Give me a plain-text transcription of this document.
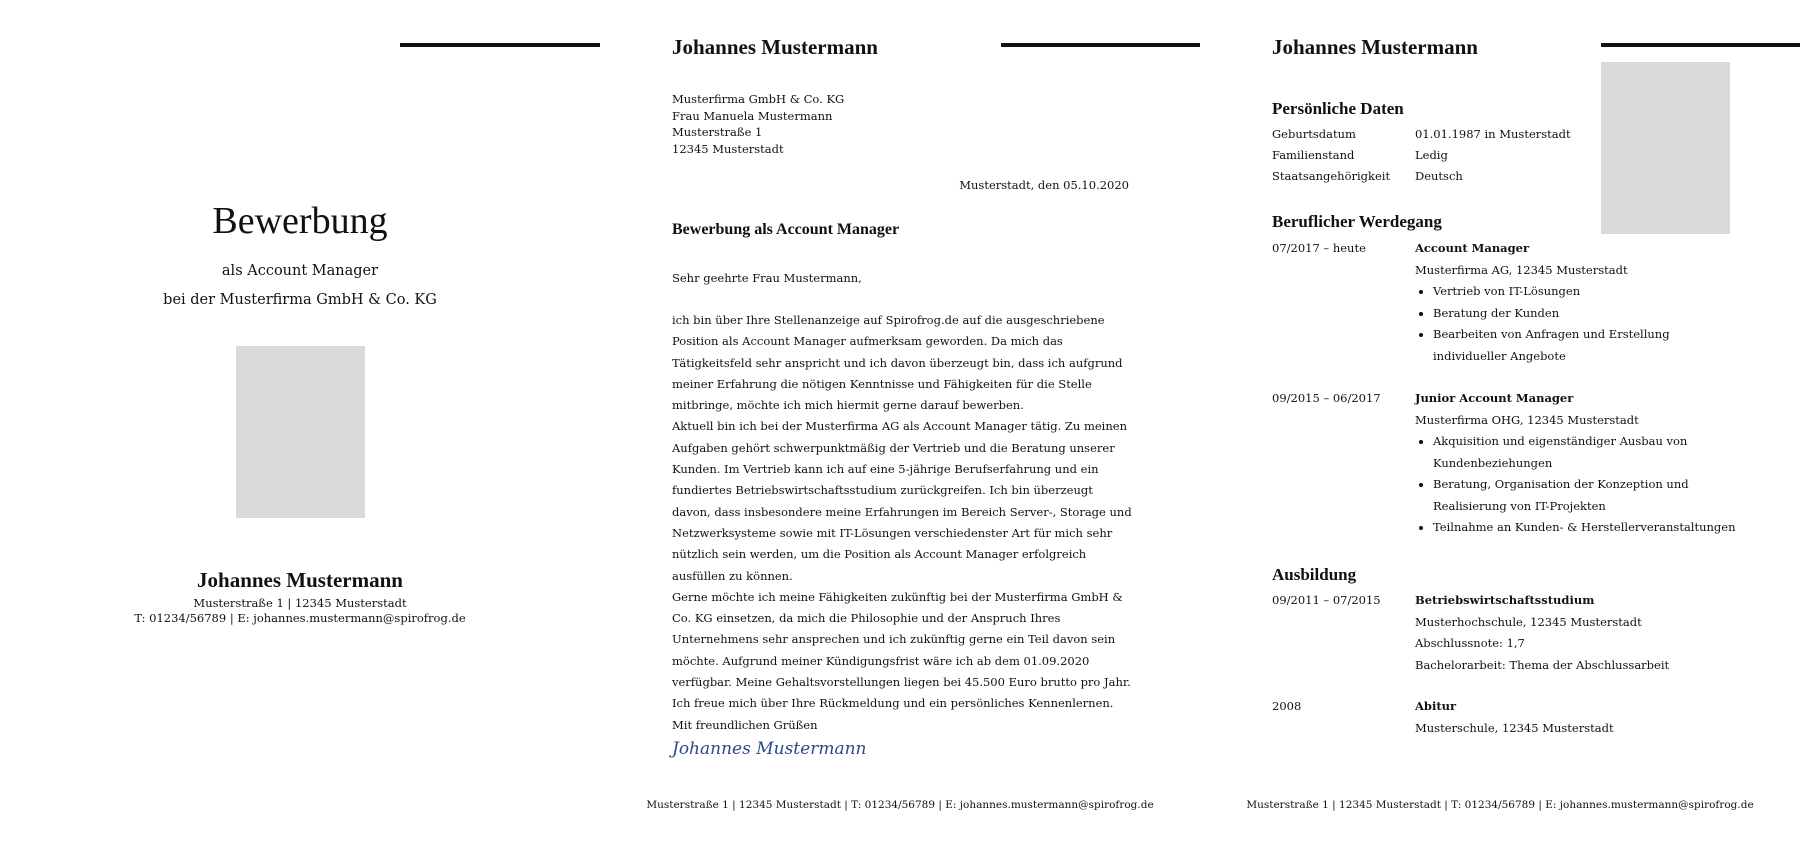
Bewerbung
als Account Manager
bei der Musterfirma GmbH & Co. KG
Johannes Mustermann
Musterstraße 1 | 12345 Musterstadt
T: 01234/56789 | E: johannes.mustermann@spirofrog.de
Johannes Mustermann
Musterfirma GmbH & Co. KG
Frau Manuela Mustermann
Musterstraße 1
12345 Musterstadt
Musterstadt, den 05.10.2020
Bewerbung als Account Manager
Sehr geehrte Frau Mustermann,
ich bin über Ihre Stellenanzeige auf Spirofrog.de auf die ausgeschriebene Position als Account Manager aufmerksam geworden. Da mich das Tätigkeitsfeld sehr anspricht und ich davon überzeugt bin, dass ich aufgrund meiner Erfahrung die nötigen Kenntnisse und Fähigkeiten für die Stelle mitbringe, möchte ich mich hiermit gerne darauf bewerben.
Aktuell bin ich bei der Musterfirma AG als Account Manager tätig. Zu meinen Aufgaben gehört schwerpunktmäßig der Vertrieb und die Beratung unserer Kunden. Im Vertrieb kann ich auf eine 5-jährige Berufserfahrung und ein fundiertes Betriebswirtschaftsstudium zurückgreifen. Ich bin überzeugt davon, dass insbesondere meine Erfahrungen im Bereich Server-, Storage und Netzwerksysteme sowie mit IT-Lösungen verschiedenster Art für mich sehr nützlich sein werden, um die Position als Account Manager erfolgreich ausfüllen zu können.
Gerne möchte ich meine Fähigkeiten zukünftig bei der Musterfirma GmbH & Co. KG einsetzen, da mich die Philosophie und der Anspruch Ihres Unternehmens sehr ansprechen und ich zukünftig gerne ein Teil davon sein möchte. Aufgrund meiner Kündigungsfrist wäre ich ab dem 01.09.2020 verfügbar. Meine Gehaltsvorstellungen liegen bei 45.500 Euro brutto pro Jahr. Ich freue mich über Ihre Rückmeldung und ein persönliches Kennenlernen.
Mit freundlichen Grüßen
Johannes Mustermann
Musterstraße 1 | 12345 Musterstadt | T: 01234/56789 | E: johannes.mustermann@spirofrog.de
Johannes Mustermann
Persönliche Daten
Geburtsdatum	01.01.1987 in Musterstadt
Familienstand	Ledig
Staatsangehörigkeit Deutsch
Beruflicher Werdegang
07/2017 – heute	Account Manager
Musterfirma AG, 12345 Musterstadt
• Vertrieb von IT-Lösungen
• Beratung der Kunden
• Bearbeiten von Anfragen und Erstellung individueller Angebote
09/2015 – 06/2017	Junior Account Manager
Musterfirma OHG, 12345 Musterstadt
• Akquisition und eigenständiger Ausbau von Kundenbeziehungen
• Beratung, Organisation der Konzeption und Realisierung von IT-Projekten
• Teilnahme an Kunden- & Herstellerveranstaltungen
Ausbildung
09/2011 – 07/2015	Betriebswirtschaftsstudium
Musterhochschule, 12345 Musterstadt
Abschlussnote: 1,7
Bachelorarbeit: Thema der Abschlussarbeit
2008	Abitur
Musterschule, 12345 Musterstadt
Musterstraße 1 | 12345 Musterstadt | T: 01234/56789 | E: johannes.mustermann@spirofrog.de
